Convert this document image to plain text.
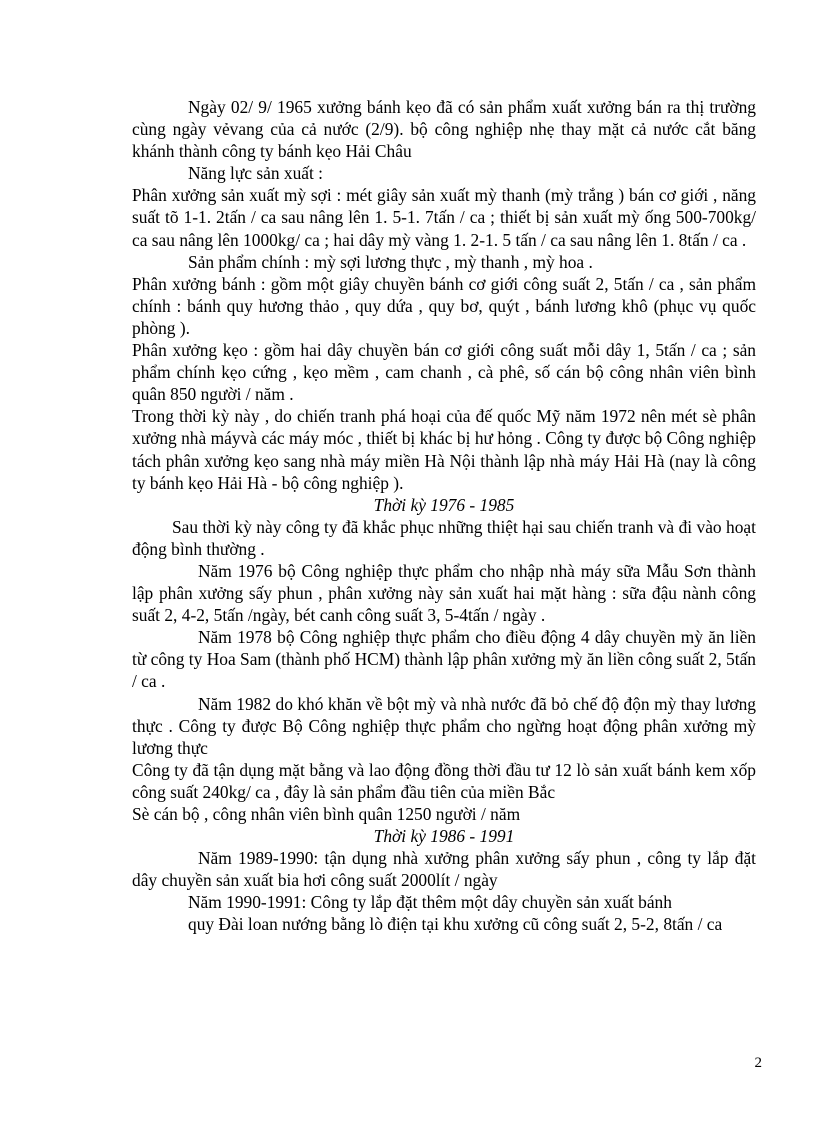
Ngày 02/ 9/ 1965 xưởng bánh kẹo đã có sản phẩm xuất xưởng bán ra thị trường cùng ngày vẻvang của cả nước (2/9). bộ công nghiệp nhẹ thay mặt cả nước cắt băng khánh thành công ty bánh kẹo Hải Châu

Năng lực sản xuất :

Phân xưởng sản xuất mỳ sợi : mét giây sản xuất mỳ thanh (mỳ trắng ) bán cơ giới , năng suất tõ 1-1. 2tấn / ca sau nâng lên 1. 5-1. 7tấn / ca ; thiết bị sản xuất mỳ ống 500-700kg/ ca sau nâng lên 1000kg/ ca ; hai dây mỳ vàng 1. 2-1. 5 tấn / ca sau nâng lên 1. 8tấn / ca .

Sản phẩm chính : mỳ sợi lương thực , mỳ thanh , mỳ hoa .

Phân xưởng bánh : gồm một giây chuyền bánh cơ giới công suất 2, 5tấn / ca , sản phẩm chính : bánh quy hương thảo , quy dứa , quy bơ, quýt , bánh lương khô (phục vụ quốc phòng ).

Phân xưởng kẹo : gồm hai dây chuyền bán cơ giới công suất mỗi dây 1, 5tấn / ca ; sản phẩm chính kẹo cứng , kẹo mềm , cam chanh , cà phê, số cán bộ công nhân viên bình quân 850 người / năm .

Trong thời kỳ này , do chiến tranh phá hoại của đế quốc Mỹ năm 1972 nên mét sè phân xưởng nhà máyvà các máy móc , thiết bị khác bị hư hỏng . Công ty được bộ Công nghiệp tách phân xưởng kẹo sang nhà máy miền Hà Nội thành lập nhà máy Hải Hà (nay là công ty bánh kẹo Hải Hà - bộ công nghiệp ).

Thời kỳ 1976 - 1985

Sau thời kỳ này công ty đã khắc phục những thiệt hại sau chiến tranh và đi vào hoạt động bình thường .

Năm 1976 bộ Công nghiệp thực phẩm cho nhập nhà máy sữa Mẫu Sơn thành lập phân xưởng sấy phun , phân xưởng này sản xuất hai mặt hàng : sữa đậu nành công suất 2, 4-2, 5tấn /ngày, bét canh công suất 3, 5-4tấn / ngày .

Năm 1978 bộ Công nghiệp thực phẩm cho điều động 4 dây chuyền mỳ ăn liền từ công ty Hoa Sam (thành phố HCM) thành lập phân xưởng mỳ ăn liền công suất 2, 5tấn / ca .

Năm 1982 do khó khăn về bột mỳ và nhà nước đã bỏ chế độ độn mỳ thay lương thực . Công ty được Bộ Công nghiệp thực phẩm cho ngừng hoạt động phân xưởng mỳ lương thực

Công ty đã tận dụng mặt bằng và lao động đồng thời đầu tư 12 lò sản xuất bánh kem xốp công suất 240kg/ ca , đây là sản phẩm đầu tiên của miền Bắc

Sè cán bộ , công nhân viên bình quân 1250 người / năm

Thời kỳ 1986 - 1991

Năm 1989-1990: tận dụng nhà xưởng phân xưởng sấy phun , công ty lắp đặt dây chuyền sản xuất bia hơi công suất 2000lít / ngày

Năm 1990-1991: Công ty lắp đặt thêm một dây chuyền sản xuất bánh

quy Đài loan nướng bằng lò điện tại khu xưởng cũ công suất 2, 5-2, 8tấn / ca

2
